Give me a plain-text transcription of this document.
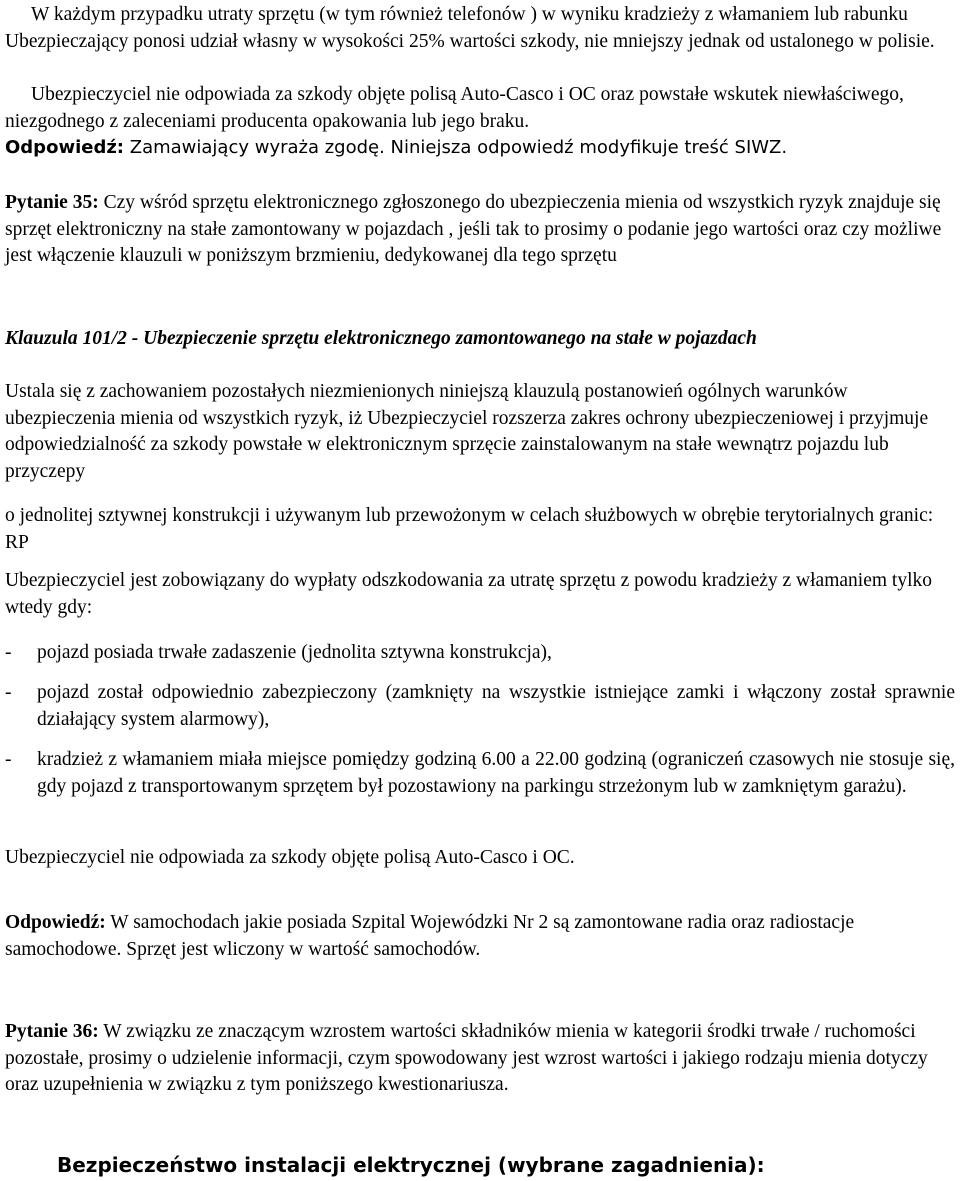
W każdym przypadku utraty sprzętu (w tym również telefonów ) w wyniku kradzieży z włamaniem lub rabunku Ubezpieczający ponosi udział własny w wysokości 25% wartości szkody, nie mniejszy jednak od ustalonego w polisie.

Ubezpieczyciel nie odpowiada za szkody objęte polisą Auto-Casco i OC oraz powstałe wskutek niewłaściwego, niezgodnego z zaleceniami producenta opakowania lub jego braku.
Odpowiedź: Zamawiający wyraża zgodę. Niniejsza odpowiedź modyfikuje treść SIWZ.

Pytanie 35: Czy wśród sprzętu elektronicznego zgłoszonego do ubezpieczenia mienia od wszystkich ryzyk znajduje się sprzęt elektroniczny na stałe zamontowany w pojazdach , jeśli tak to prosimy o podanie jego wartości oraz czy możliwe jest włączenie klauzuli w poniższym brzmieniu, dedykowanej dla tego sprzętu

Klauzula 101/2 - Ubezpieczenie sprzętu elektronicznego zamontowanego na stałe w pojazdach

Ustala się z zachowaniem pozostałych niezmienionych niniejszą klauzulą postanowień ogólnych warunków ubezpieczenia mienia od wszystkich ryzyk, iż Ubezpieczyciel rozszerza zakres ochrony ubezpieczeniowej i przyjmuje odpowiedzialność za szkody powstałe w elektronicznym sprzęcie zainstalowanym na stałe wewnątrz pojazdu lub przyczepy

o jednolitej sztywnej konstrukcji i używanym lub przewożonym w celach służbowych w obrębie terytorialnych granic: RP

Ubezpieczyciel jest zobowiązany do wypłaty odszkodowania za utratę sprzętu z powodu kradzieży z włamaniem tylko wtedy gdy:

-	pojazd posiada trwałe zadaszenie (jednolita sztywna konstrukcja),

-	pojazd został odpowiednio zabezpieczony (zamknięty na wszystkie istniejące zamki i włączony został sprawnie działający system alarmowy),

-	kradzież z włamaniem miała miejsce pomiędzy godziną 6.00 a 22.00 godziną (ograniczeń czasowych nie stosuje się, gdy pojazd z transportowanym sprzętem był pozostawiony na parkingu strzeżonym lub w zamkniętym garażu).

Ubezpieczyciel nie odpowiada za szkody objęte polisą Auto-Casco i OC.

Odpowiedź: W samochodach jakie posiada Szpital Wojewódzki Nr 2 są zamontowane radia oraz radiostacje samochodowe. Sprzęt jest wliczony w wartość samochodów.

Pytanie 36: W związku ze znaczącym wzrostem wartości składników mienia w kategorii środki trwałe / ruchomości pozostałe, prosimy o udzielenie informacji, czym spowodowany jest wzrost wartości i jakiego rodzaju mienia dotyczy oraz uzupełnienia w związku z tym poniższego kwestionariusza.

Bezpieczeństwo instalacji elektrycznej (wybrane zagadnienia):
